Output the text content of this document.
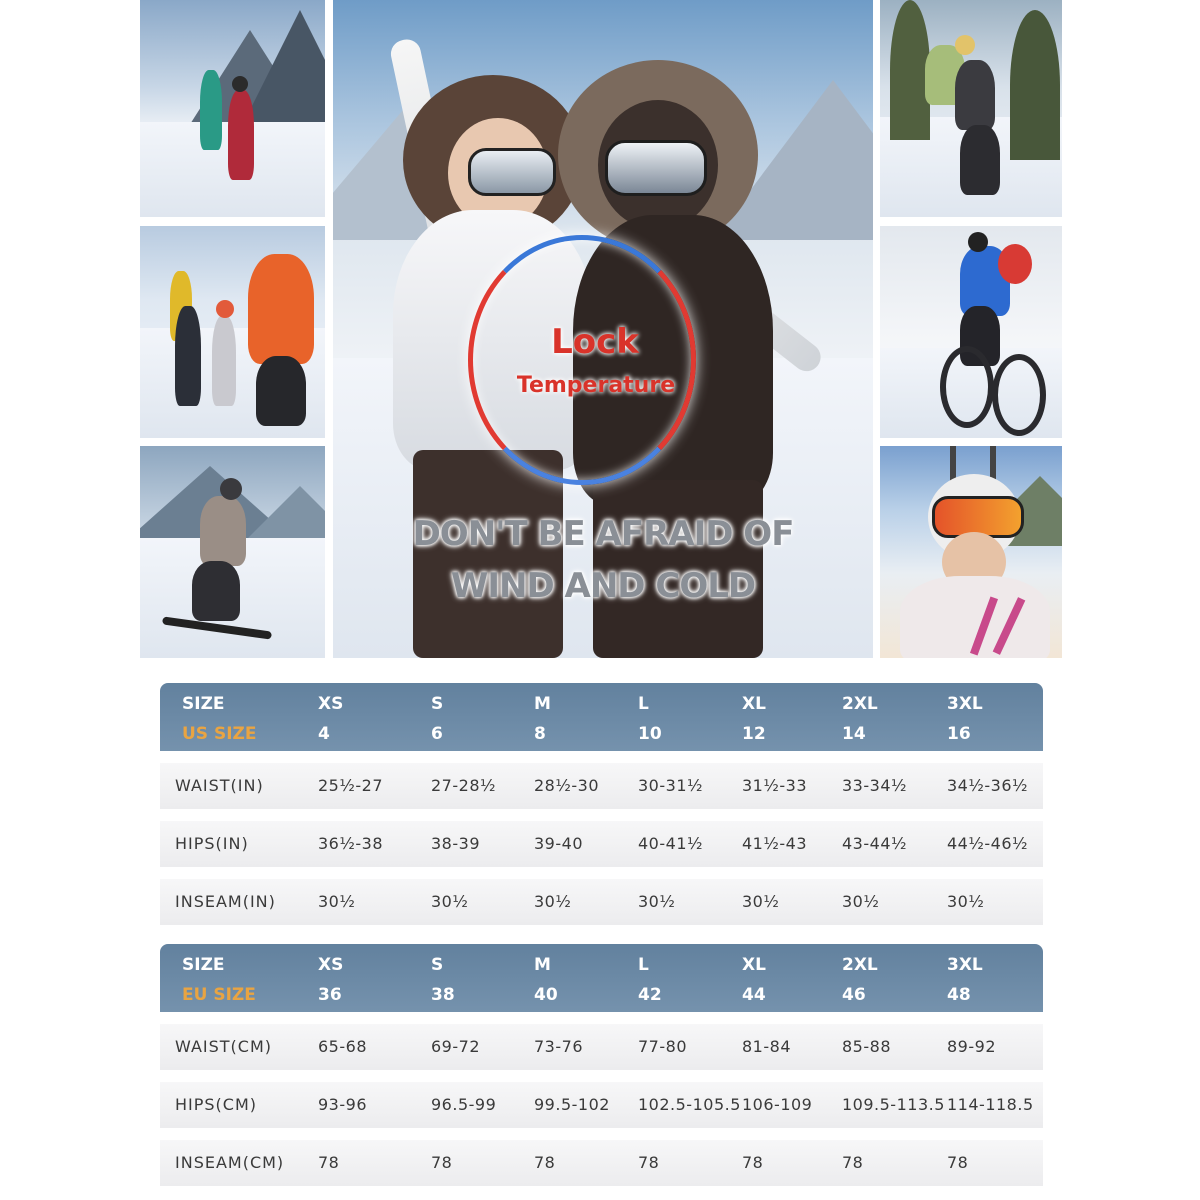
Lock
Temperature
DON'T BE AFRAID OF
WIND AND COLD
SIZE	XS	S	M	L	XL	2XL	3XL
US SIZE	4	6	8	10	12	14	16
WAIST(IN)	25½-27	27-28½ 28½-30 30-31½ 31½-33 33-34½	34½-36½
HIPS(IN)	36½-38	38-39	39-40	40-41½ 41½-43 43-44½	44½-46½
INSEAM(IN)	30½	30½	30½	30½	30½	30½	30½
SIZE	XS	S	M	L	XL	2XL	3XL
EU SIZE	36	38	40	42	44	46	48
WAIST(CM)	65-68	69-72	73-76	77-80	81-84	85-88	89-92
HIPS(CM)	93-96	96.5-99 99.5-102 102.5-105.5 106-109 109.5-113.5 114-118.5
INSEAM(CM) 78	78	78	78	78	78	78
